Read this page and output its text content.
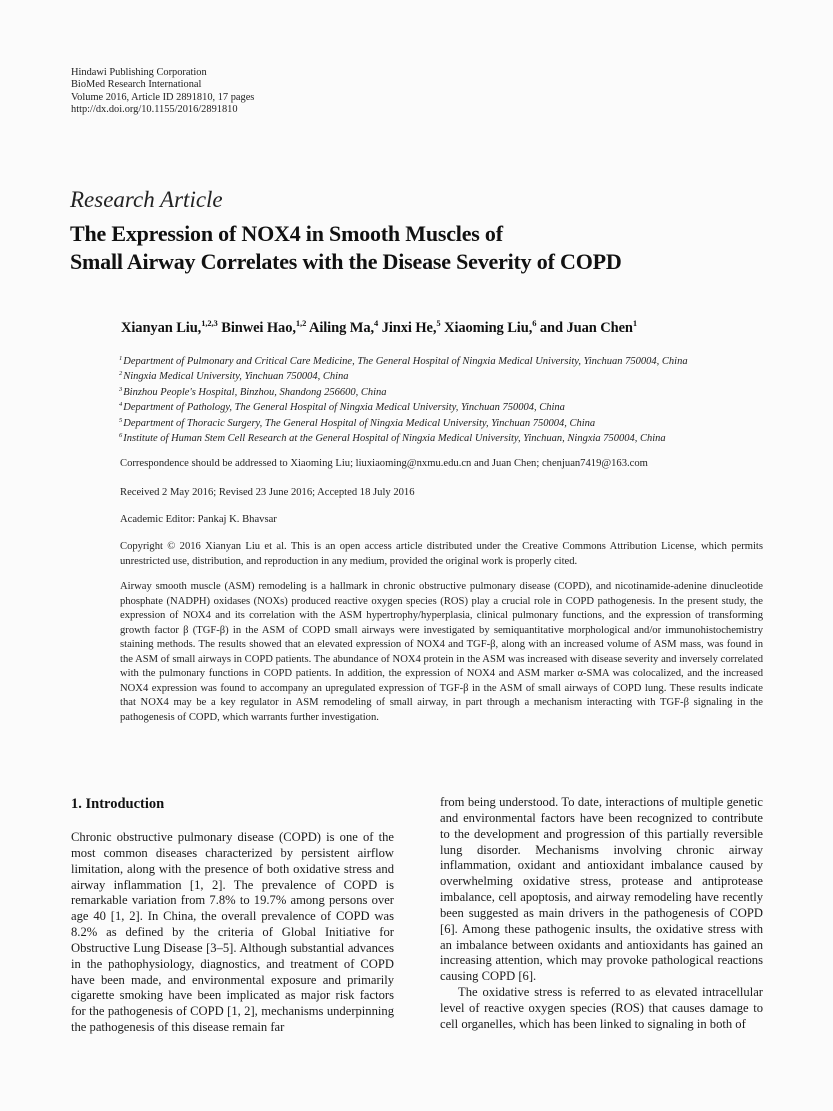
Hindawi Publishing Corporation
BioMed Research International
Volume 2016, Article ID 2891810, 17 pages
http://dx.doi.org/10.1155/2016/2891810
Research Article
The Expression of NOX4 in Smooth Muscles of
Small Airway Correlates with the Disease Severity of COPD
Xianyan Liu,$^{1,2,3}$ Binwei Hao,$^{1,2}$ Ailing Ma,$^4$ Jinxi He,$^5$ Xiaoming Liu,$^6$ and Juan Chen$^1$
$^1$Department of Pulmonary and Critical Care Medicine, The General Hospital of Ningxia Medical University, Yinchuan 750004, China
$^2$Ningxia Medical University, Yinchuan 750004, China
$^3$Binzhou People's Hospital, Binzhou, Shandong 256600, China
$^4$Department of Pathology, The General Hospital of Ningxia Medical University, Yinchuan 750004, China
$^5$Department of Thoracic Surgery, The General Hospital of Ningxia Medical University, Yinchuan 750004, China
$^6$Institute of Human Stem Cell Research at the General Hospital of Ningxia Medical University, Yinchuan, Ningxia 750004, China
Correspondence should be addressed to Xiaoming Liu; liuxiaoming@nxmu.edu.cn and Juan Chen; chenjuan7419@163.com
Received 2 May 2016; Revised 23 June 2016; Accepted 18 July 2016
Academic Editor: Pankaj K. Bhavsar
Copyright © 2016 Xianyan Liu et al. This is an open access article distributed under the Creative Commons Attribution License, which permits unrestricted use, distribution, and reproduction in any medium, provided the original work is properly cited.
Airway smooth muscle (ASM) remodeling is a hallmark in chronic obstructive pulmonary disease (COPD), and nicotinamide-adenine dinucleotide phosphate (NADPH) oxidases (NOXs) produced reactive oxygen species (ROS) play a crucial role in COPD pathogenesis. In the present study, the expression of NOX4 and its correlation with the ASM hypertrophy/hyperplasia, clinical pulmonary functions, and the expression of transforming growth factor β (TGF-β) in the ASM of COPD small airways were investigated by semiquantitative morphological and/or immunohistochemistry staining methods. The results showed that an elevated expression of NOX4 and TGF-β, along with an increased volume of ASM mass, was found in the ASM of small airways in COPD patients. The abundance of NOX4 protein in the ASM was increased with disease severity and inversely correlated with the pulmonary functions in COPD patients. In addition, the expression of NOX4 and ASM marker α-SMA was colocalized, and the increased NOX4 expression was found to accompany an upregulated expression of TGF-β in the ASM of small airways of COPD lung. These results indicate that NOX4 may be a key regulator in ASM remodeling of small airway, in part through a mechanism interacting with TGF-β signaling in the pathogenesis of COPD, which warrants further investigation.
1. Introduction

Chronic obstructive pulmonary disease (COPD) is one of the most common diseases characterized by persistent airflow limitation, along with the presence of both oxidative stress and airway inflammation [1, 2]. The prevalence of COPD is remarkable variation from 7.8% to 19.7% among persons over age 40 [1, 2]. In China, the overall prevalence of COPD was 8.2% as defined by the criteria of Global Initiative for Obstructive Lung Disease [3–5]. Although substantial advances in the pathophysiology, diagnostics, and treatment of COPD have been made, and environmental exposure and primarily cigarette smoking have been implicated as major risk factors for the pathogenesis of COPD [1, 2], mechanisms underpinning the pathogenesis of this disease remain far

from being understood. To date, interactions of multiple genetic and environmental factors have been recognized to contribute to the development and progression of this partially reversible lung disorder. Mechanisms involving chronic airway inflammation, oxidant and antioxidant imbalance caused by overwhelming oxidative stress, protease and antiprotease imbalance, cell apoptosis, and airway remodeling have recently been suggested as main drivers in the pathogenesis of COPD [6]. Among these pathogenic insults, the oxidative stress with an imbalance between oxidants and antioxidants has gained an increasing attention, which may provoke pathological reactions causing COPD [6].

The oxidative stress is referred to as elevated intracellular level of reactive oxygen species (ROS) that causes damage to cell organelles, which has been linked to signaling in both of
